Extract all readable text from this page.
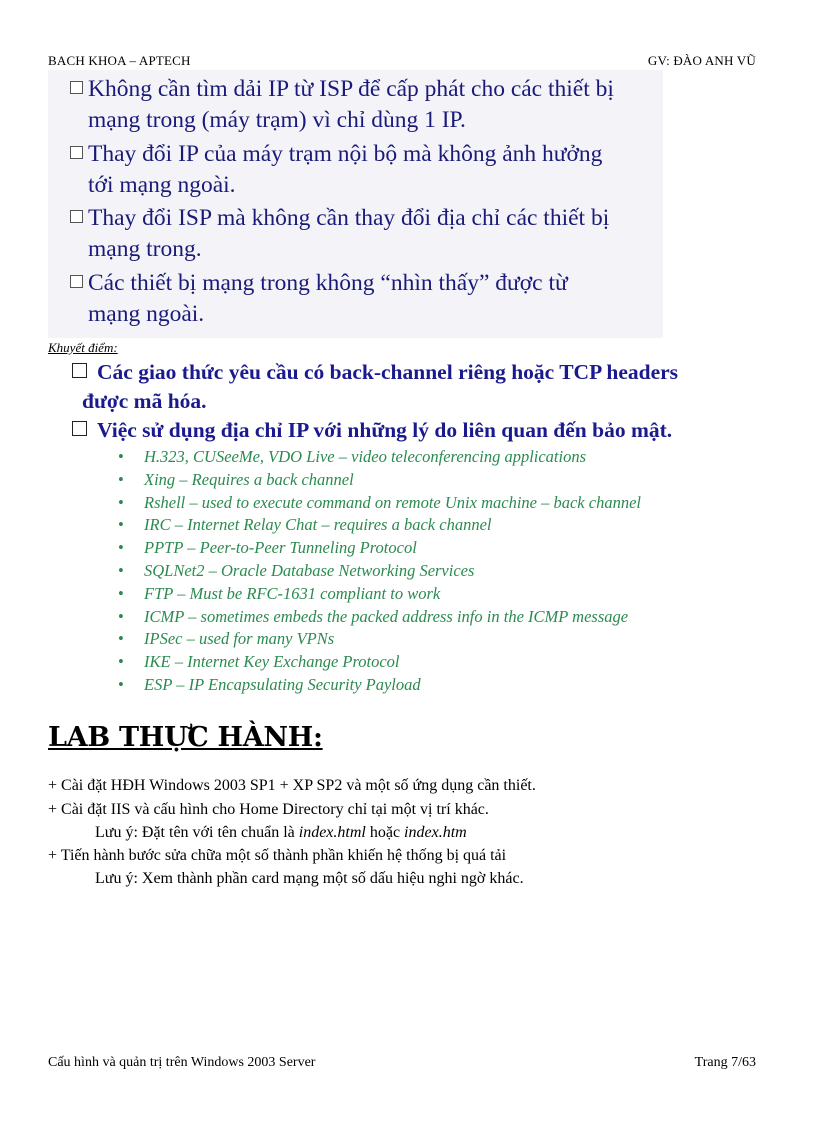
BACH KHOA – APTECH	GV: ĐÀO ANH VŨ
Không cần tìm dải IP từ ISP để cấp phát cho các thiết bị
mạng trong (máy trạm) vì chỉ dùng 1 IP.
Thay đổi IP của máy trạm nội bộ mà không ảnh hưởng
tới mạng ngoài.
Thay đổi ISP mà không cần thay đổi địa chỉ các thiết bị
mạng trong.
Các thiết bị mạng trong không “nhìn thấy” được từ
mạng ngoài.
Khuyết điểm:
Các giao thức yêu cầu có back-channel riêng hoặc TCP headers
được mã hóa.
Việc sử dụng địa chỉ IP với những lý do liên quan đến bảo mật.
• H.323, CUSeeMe, VDO Live – video teleconferencing applications
• Xing – Requires a back channel
• Rshell – used to execute command on remote Unix machine – back channel
• IRC – Internet Relay Chat – requires a back channel
• PPTP – Peer-to-Peer Tunneling Protocol
• SQLNet2 – Oracle Database Networking Services
• FTP – Must be RFC-1631 compliant to work
• ICMP – sometimes embeds the packed address info in the ICMP message
• IPSec – used for many VPNs
• IKE – Internet Key Exchange Protocol
• ESP – IP Encapsulating Security Payload
LAB THỰC HÀNH:
+ Cài đặt HĐH Windows 2003 SP1 + XP SP2 và một số ứng dụng cần thiết.
+ Cài đặt IIS và cấu hình cho Home Directory chỉ tại một vị trí khác.
Lưu ý: Đặt tên với tên chuẩn là index.html hoặc index.htm
+ Tiến hành bước sửa chữa một số thành phần khiến hệ thống bị quá tải
Lưu ý: Xem thành phần card mạng một số dấu hiệu nghi ngờ khác.
Cấu hình và quản trị trên Windows 2003 Server	Trang 7/63
